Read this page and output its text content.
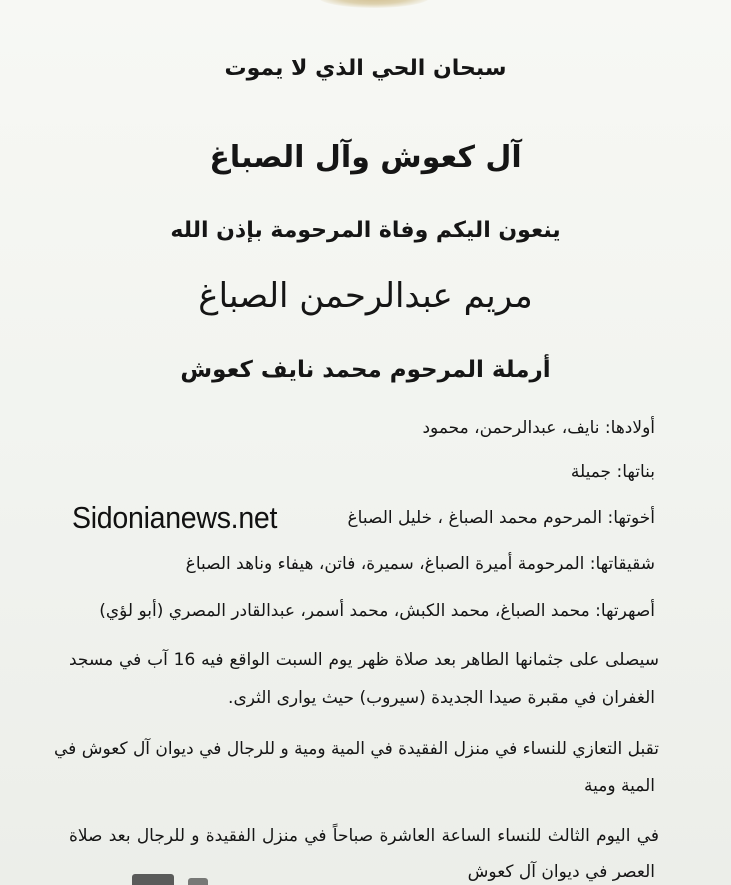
سبحان الحي الذي لا يموت
آل كعوش وآل الصباغ
ينعون اليكم وفاة المرحومة بإذن الله
مريم عبدالرحمن الصباغ
أرملة المرحوم محمد نايف كعوش
أولادها: نايف، عبدالرحمن، محمود
بناتها: جميلة
أخوتها: المرحوم محمد الصباغ ، خليل الصباغ
شقيقاتها: المرحومة أميرة الصباغ، سميرة، فاتن، هيفاء وناهد الصباغ
أصهرتها: محمد الصباغ، محمد الكبش، محمد أسمر، عبدالقادر المصري (أبو لؤي)
سيصلى على جثمانها الطاهر بعد صلاة ظهر يوم السبت الواقع فيه 16 آب في مسجد
الغفران في مقبرة صيدا الجديدة (سيروب) حيث يوارى الثرى.
تقبل التعازي للنساء في منزل الفقيدة في المية ومية و للرجال في ديوان آل كعوش في
المية ومية
في اليوم الثالث للنساء الساعة العاشرة صباحاً في منزل الفقيدة و للرجال بعد صلاة
العصر في ديوان آل كعوش
Sidonianews.net
